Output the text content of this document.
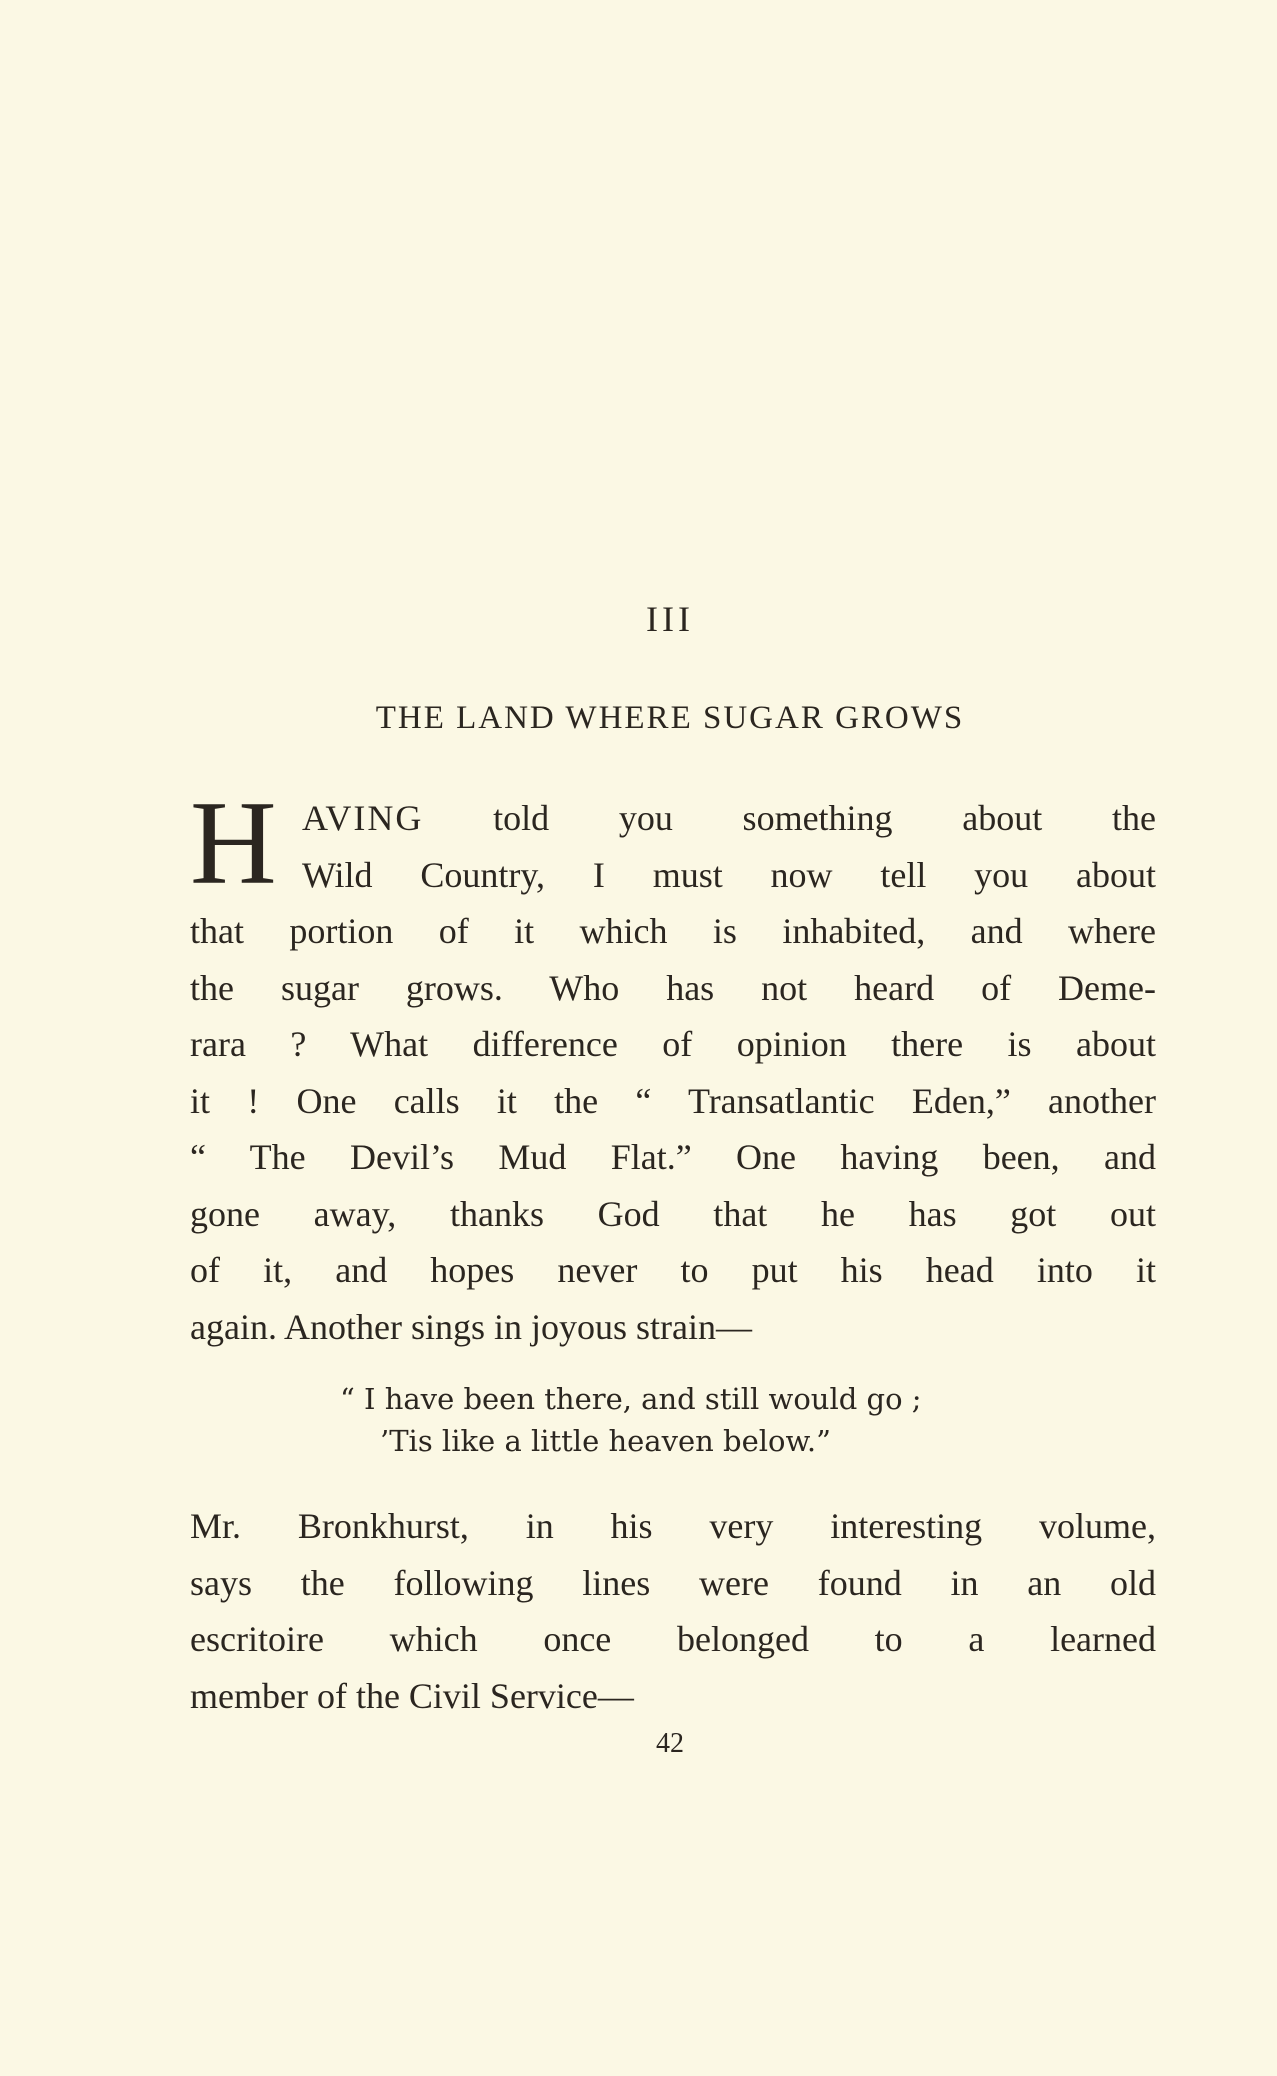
III
THE LAND WHERE SUGAR GROWS
H AVING told you something about the
Wild Country, I must now tell you about
that portion of it which is inhabited, and where
the sugar grows. Who has not heard of Deme-
rara ? What difference of opinion there is about
it ! One calls it the “ Transatlantic Eden,” another
“ The Devil’s Mud Flat.” One having been, and
gone away, thanks God that he has got out
of it, and hopes never to put his head into it
again. Another sings in joyous strain—
“ I have been there, and still would go ;
’Tis like a little heaven below.”
Mr. Bronkhurst, in his very interesting volume,
says the following lines were found in an old
escritoire which once belonged to a learned
member of the Civil Service—
42
